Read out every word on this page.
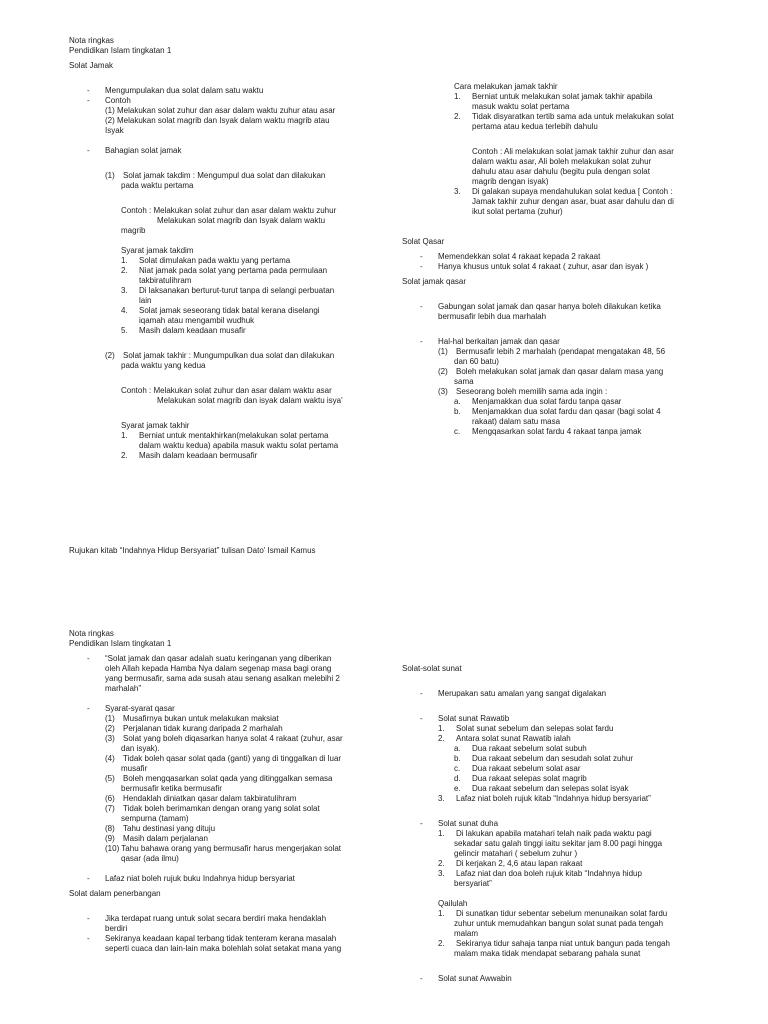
Nota ringkas
Pendidikan Islam tingkatan 1
Solat Jamak
-	Mengumpulakan dua solat dalam satu waktu
-	Contoh
(1) Melakukan solat zuhur dan asar dalam waktu zuhur atau asar
(2) Melakukan solat magrib dan Isyak dalam waktu magrib atau
Isyak
-	Bahagian solat jamak
(1)	Solat jamak takdim : Mengumpul dua solat dan dilakukan
pada waktu pertama
Contoh : Melakukan solat zuhur dan asar dalam waktu zuhur
Melakukan solat magrib dan Isyak dalam waktu
magrib
Syarat jamak takdim
1.	Solat dimulakan pada waktu yang pertama
2.	Niat jamak pada solat yang pertama pada permulaan
takbiratulihram
3.	Di laksanakan berturut-turut tanpa di selangi perbuatan
lain
4.	Solat jamak seseorang tidak batal kerana diselangi
iqamah atau mengambil wudhuk
5.	Masih dalam keadaan musafir
(2)	Solat jamak takhir : Mungumpulkan dua solat dan dilakukan
pada waktu yang kedua
Contoh : Melakukan solat zuhur dan asar dalam waktu asar
Melakukan solat magrib dan isyak dalam waktu isya'
Syarat jamak takhir
1.	Berniat untuk mentakhirkan(melakukan solat pertama
dalam waktu kedua) apabila masuk waktu solat pertama
2.	Masih dalam keadaan bermusafir
Rujukan kitab “Indahnya Hidup Bersyariat” tulisan Dato' Ismail Kamus
Cara melakukan jamak takhir
1.	Berniat untuk melakukan solat jamak takhir apabila
masuk waktu solat pertama
2.	Tidak disyaratkan tertib sama ada untuk melakukan solat
pertama atau kedua terlebih dahulu
Contoh : Ali melakukan solat jamak takhir zuhur dan asar
dalam waktu asar, Ali boleh melakukan solat zuhur
dahulu atau asar dahulu (begitu pula dengan solat
magrib dengan isyak)
3.	Di galakan supaya mendahulukan solat kedua [ Contoh :
Jamak takhir zuhur dengan asar, buat asar dahulu dan di
ikut solat pertama (zuhur)
Solat Qasar
-	Memendekkan solat 4 rakaat kepada 2 rakaat
-	Hanya khusus untuk solat 4 rakaat ( zuhur, asar dan isyak )
Solat jamak qasar
-	Gabungan solat jamak dan qasar hanya boleh dilakukan ketika
bermusafir lebih dua marhalah
-	Hal-hal berkaitan jamak dan qasar
(1)	Bermusafir lebih 2 marhalah (pendapat mengatakan 48, 56
dan 60 batu)
(2)	Boleh melakukan solat jamak dan qasar dalam masa yang
sama
(3)	Seseorang boleh memilih sama ada ingin :
a.	Menjamakkan dua solat fardu tanpa qasar
b.	Menjamakkan dua solat fardu dan qasar (bagi solat 4
rakaat) dalam satu masa
c.	Mengqasarkan solat fardu 4 rakaat tanpa jamak
Nota ringkas
Pendidikan Islam tingkatan 1
-	“Solat jamak dan qasar adalah suatu keringanan yang diberikan
oleh Allah kepada Hamba Nya dalam segenap masa bagi orang
yang bermusafir, sama ada susah atau senang asalkan melebihi 2
marhalah”
-	Syarat-syarat qasar
(1)	Musafirnya bukan untuk melakukan maksiat
(2)	Perjalanan tidak kurang daripada 2 marhalah
(3)	Solat yang boleh diqasarkan hanya solat 4 rakaat (zuhur, asar
dan isyak).
(4)	Tidak boleh qasar solat qada (ganti) yang di tinggalkan di luar
musafir
(5)	Boleh mengqasarkan solat qada yang ditinggalkan semasa
bermusafir ketika bermusafir
(6)	Hendaklah diniatkan qasar dalam takbiratulihram
(7)	Tidak boleh berimamkan dengan orang yang solat solat
sempurna (tamam)
(8)	Tahu destinasi yang dituju
(9)	Masih dalam perjalanan
(10) Tahu bahawa orang yang bermusafir harus mengerjakan solat
qasar (ada ilmu)
-	Lafaz niat boleh rujuk buku Indahnya hidup bersyariat
Solat dalam penerbangan
-	Jika terdapat ruang untuk solat secara berdiri maka hendaklah
berdiri
-	Sekiranya keadaan kapal terbang tidak tenteram kerana masalah
seperti cuaca dan lain-lain maka bolehlah solat setakat mana yang
Solat-solat sunat
-	Merupakan satu amalan yang sangat digalakan
-	Solat sunat Rawatib
1.	Solat sunat sebelum dan selepas solat fardu
2.	Antara solat sunat Rawatib ialah
a.	Dua rakaat sebelum solat subuh
b.	Dua rakaat sebelum dan sesudah solat zuhur
c.	Dua rakaat sebelum solat asar
d.	Dua rakaat selepas solat magrib
e.	Dua rakaat sebelum dan selepas solat isyak
3.	Lafaz niat boleh rujuk kitab “Indahnya hidup bersyariat”
-	Solat sunat duha
1.	Di lakukan apabila matahari telah naik pada waktu pagi
sekadar satu galah tinggi iaitu sekitar jam 8.00 pagi hingga
gelincir matahari ( sebelum zuhur )
2.	Di kerjakan 2, 4,6 atau lapan rakaat
3.	Lafaz niat dan doa boleh rujuk kitab “Indahnya hidup
bersyariat”
Qailulah
1.	Di sunatkan tidur sebentar sebelum menunaikan solat fardu
zuhur untuk memudahkan bangun solat sunat pada tengah
malam
2.	Sekiranya tidur sahaja tanpa niat untuk bangun pada tengah
malam maka tidak mendapat sebarang pahala sunat
-	Solat sunat Awwabin
